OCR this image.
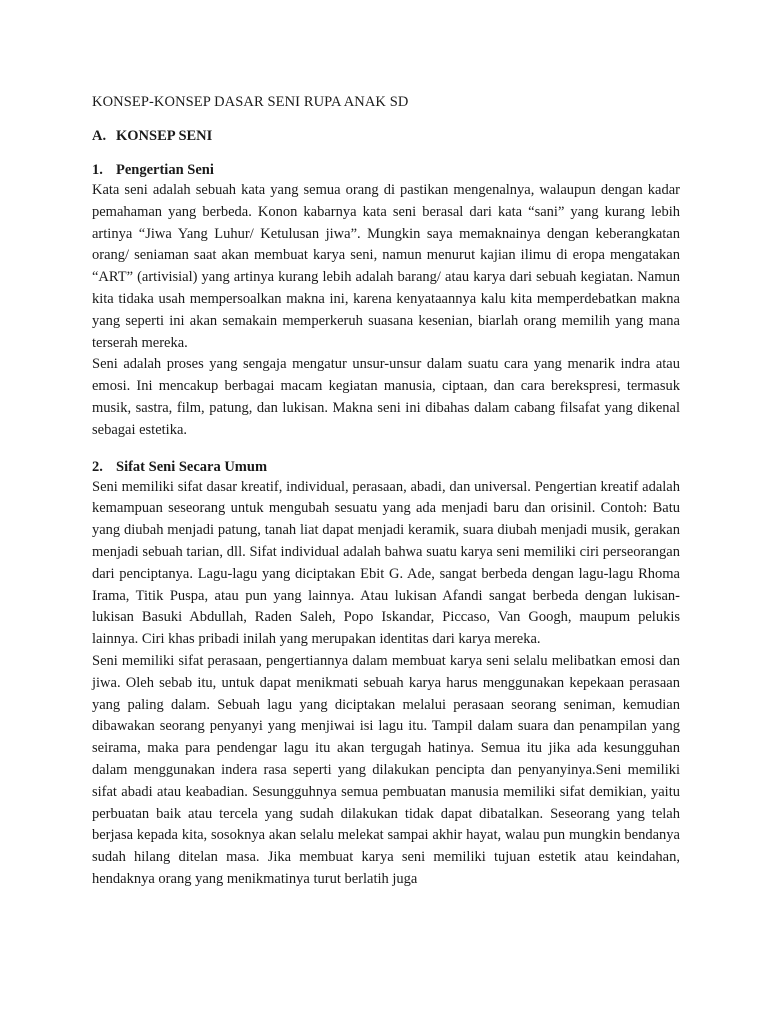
KONSEP-KONSEP DASAR SENI RUPA ANAK SD
A. KONSEP SENI
1. Pengertian Seni

Kata seni adalah sebuah kata yang semua orang di pastikan mengenalnya, walaupun dengan kadar pemahaman yang berbeda. Konon kabarnya kata seni berasal dari kata “sani” yang kurang lebih artinya “Jiwa Yang Luhur/ Ketulusan jiwa”. Mungkin saya memaknainya dengan keberangkatan orang/ seniaman saat akan membuat karya seni, namun menurut kajian ilimu di eropa mengatakan “ART” (artivisial) yang artinya kurang lebih adalah barang/ atau karya dari sebuah kegiatan. Namun kita tidaka usah mempersoalkan makna ini, karena kenyataannya kalu kita memperdebatkan makna yang seperti ini akan semakain memperkeruh suasana kesenian, biarlah orang memilih yang mana terserah mereka.

Seni adalah proses yang sengaja mengatur unsur-unsur dalam suatu cara yang menarik indra atau emosi. Ini mencakup berbagai macam kegiatan manusia, ciptaan, dan cara berekspresi, termasuk musik, sastra, film, patung, dan lukisan. Makna seni ini dibahas dalam cabang filsafat yang dikenal sebagai estetika.

2. Sifat Seni Secara Umum

Seni memiliki sifat dasar kreatif, individual, perasaan, abadi, dan universal. Pengertian kreatif adalah kemampuan seseorang untuk mengubah sesuatu yang ada menjadi baru dan orisinil. Contoh: Batu yang diubah menjadi patung, tanah liat dapat menjadi keramik, suara diubah menjadi musik, gerakan menjadi sebuah tarian, dll. Sifat individual adalah bahwa suatu karya seni memiliki ciri perseorangan dari penciptanya. Lagu-lagu yang diciptakan Ebit G. Ade, sangat berbeda dengan lagu-lagu Rhoma Irama, Titik Puspa, atau pun yang lainnya. Atau lukisan Afandi sangat berbeda dengan lukisan-lukisan Basuki Abdullah, Raden Saleh, Popo Iskandar, Piccaso, Van Googh, maupum pelukis lainnya. Ciri khas pribadi inilah yang merupakan identitas dari karya mereka.

Seni memiliki sifat perasaan, pengertiannya dalam membuat karya seni selalu melibatkan emosi dan jiwa. Oleh sebab itu, untuk dapat menikmati sebuah karya harus menggunakan kepekaan perasaan yang paling dalam. Sebuah lagu yang diciptakan melalui perasaan seorang seniman, kemudian dibawakan seorang penyanyi yang menjiwai isi lagu itu. Tampil dalam suara dan penampilan yang seirama, maka para pendengar lagu itu akan tergugah hatinya. Semua itu jika ada kesungguhan dalam menggunakan indera rasa seperti yang dilakukan pencipta dan penyanyinya.Seni memiliki sifat abadi atau keabadian. Sesungguhnya semua pembuatan manusia memiliki sifat demikian, yaitu perbuatan baik atau tercela yang sudah dilakukan tidak dapat dibatalkan. Seseorang yang telah berjasa kepada kita, sosoknya akan selalu melekat sampai akhir hayat, walau pun mungkin bendanya sudah hilang ditelan masa. Jika membuat karya seni memiliki tujuan estetik atau keindahan, hendaknya orang yang menikmatinya turut berlatih juga
